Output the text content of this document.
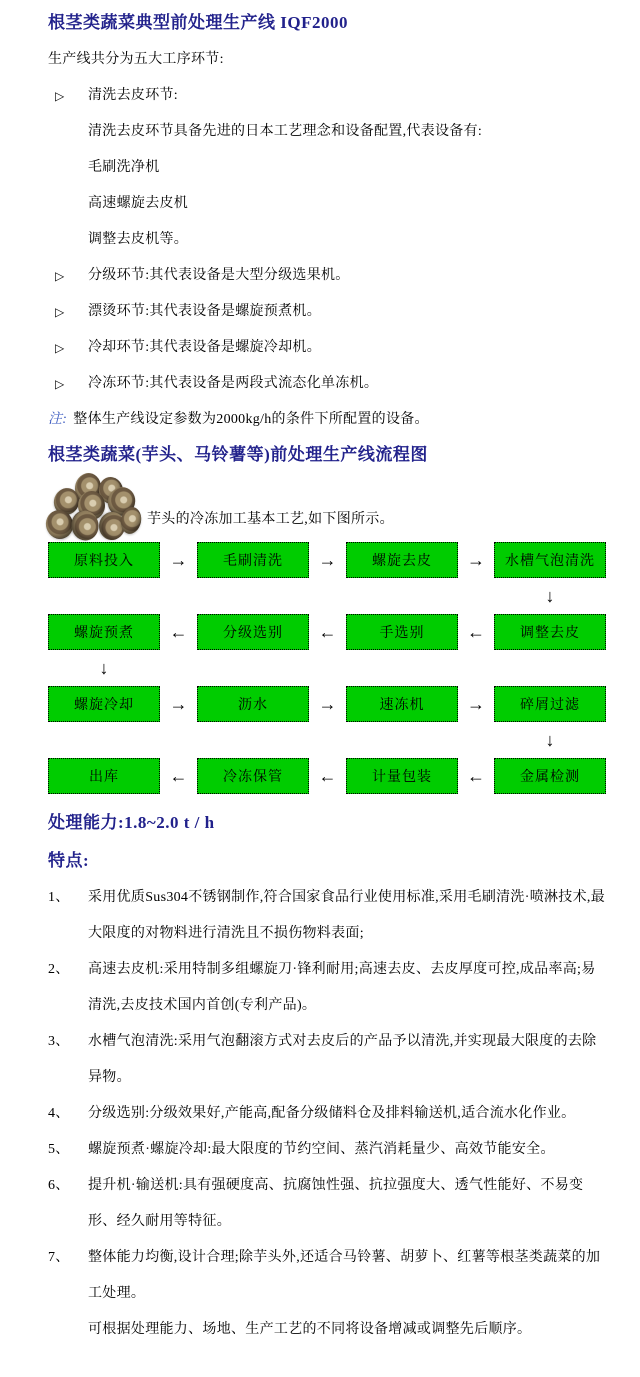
根茎类蔬菜典型前处理生产线 IQF2000
生产线共分为五大工序环节:
▷ 清洗去皮环节:
清洗去皮环节具备先进的日本工艺理念和设备配置,代表设备有:
毛刷洗净机
高速螺旋去皮机
调整去皮机等。
▷ 分级环节:其代表设备是大型分级选果机。
▷ 漂烫环节:其代表设备是螺旋预煮机。
▷ 冷却环节:其代表设备是螺旋冷却机。
▷ 冷冻环节:其代表设备是两段式流态化单冻机。
注: 整体生产线设定参数为2000kg/h的条件下所配置的设备。
根茎类蔬菜(芋头、马铃薯等)前处理生产线流程图
芋头的冷冻加工基本工艺,如下图所示。
原料投入	→	毛刷清洗	→	螺旋去皮	→	水槽气泡清洗
↓
螺旋预煮	←	分级选别	←	手选别	←	调整去皮
↓
螺旋冷却	→	沥水	→	速冻机	→	碎屑过滤
↓
出库	←	冷冻保管	←	计量包装	←	金属检测
处理能力:1.8~2.0 t / h
特点:

1、 采用优质Sus304不锈钢制作,符合国家食品行业使用标准,采用毛刷清洗·喷淋技术,最大限度的对物料进行清洗且不损伤物料表面;

2、 高速去皮机:采用特制多组螺旋刀·锋利耐用;高速去皮、去皮厚度可控,成品率高;易清洗,去皮技术国内首创(专利产品)。

3、 水槽气泡清洗:采用气泡翻滚方式对去皮后的产品予以清洗,并实现最大限度的去除异物。

4、 分级选别:分级效果好,产能高,配备分级储料仓及排料输送机,适合流水化作业。

5、 螺旋预煮·螺旋冷却:最大限度的节约空间、蒸汽消耗量少、高效节能安全。

6、 提升机·输送机:具有强硬度高、抗腐蚀性强、抗拉强度大、透气性能好、不易变形、经久耐用等特征。

7、 整体能力均衡,设计合理;除芋头外,还适合马铃薯、胡萝卜、红薯等根茎类蔬菜的加工处理。

可根据处理能力、场地、生产工艺的不同将设备增减或调整先后顺序。
